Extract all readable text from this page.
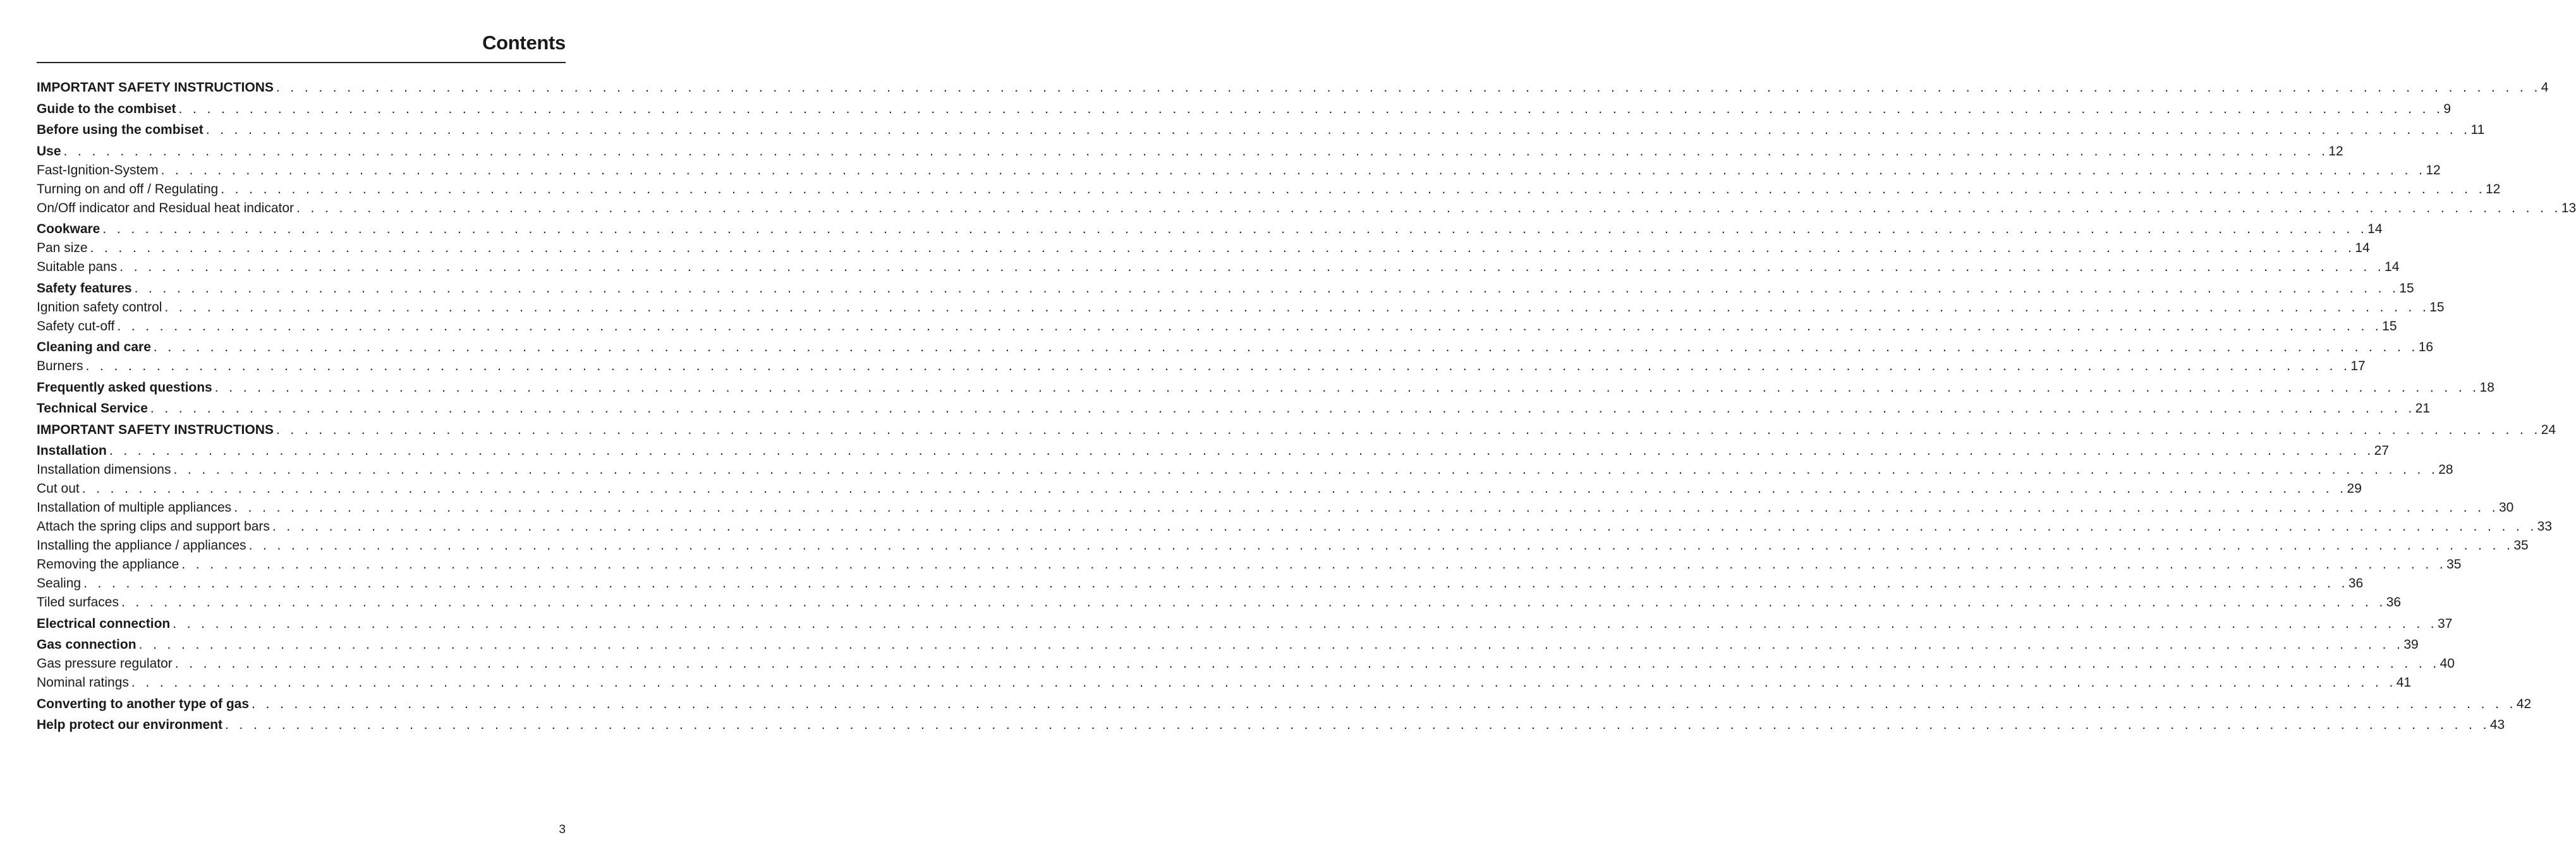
Contents
IMPORTANT SAFETY INSTRUCTIONS . . . . . . . . . . . . . . . . . . . . . . . . . . . . . . . . . . . . . . . . . . . . . . . . . . . . . . . . . . . . . . . . . . . . . . . . . . . . . . . . . . . . . . . . . . . . . . . . . . . . . . . . . . . . . . . . . . . . . . . . . . . . . . . . . . . . . . . . . . . . . . . . . . . . . . . . . . . . . . . . 4
Guide to the combiset . . . . . . . . . . . . . . . . . . . . . . . . . . . . . . . . . . . . . . . . . . . . . . . . . . . . . . . . . . . . . . . . . . . . . . . . . . . . . . . . . . . . . . . . . . . . . . . . . . . . . . . . . . . . . . . . . . . . . . . . . . . . . . . . . . . . . . . . . . . . . . . . . . . . . . . . . . . . . . . . 9
Before using the combiset . . . . . . . . . . . . . . . . . . . . . . . . . . . . . . . . . . . . . . . . . . . . . . . . . . . . . . . . . . . . . . . . . . . . . . . . . . . . . . . . . . . . . . . . . . . . . . . . . . . . . . . . . . . . . . . . . . . . . . . . . . . . . . . . . . . . . . . . . . . . . . . . . . . . . . . . . . . . . . . . 11
Use . . . . . . . . . . . . . . . . . . . . . . . . . . . . . . . . . . . . . . . . . . . . . . . . . . . . . . . . . . . . . . . . . . . . . . . . . . . . . . . . . . . . . . . . . . . . . . . . . . . . . . . . . . . . . . . . . . . . . . . . . . . . . . . . . . . . . . . . . . . . . . . . . . . . . . . . . . . . . . . . 12
Fast-Ignition-System . . . . . . . . . . . . . . . . . . . . . . . . . . . . . . . . . . . . . . . . . . . . . . . . . . . . . . . . . . . . . . . . . . . . . . . . . . . . . . . . . . . . . . . . . . . . . . . . . . . . . . . . . . . . . . . . . . . . . . . . . . . . . . . . . . . . . . . . . . . . . . . . . . . . . . . . . . . . . . . . 12
Turning on and off / Regulating . . . . . . . . . . . . . . . . . . . . . . . . . . . . . . . . . . . . . . . . . . . . . . . . . . . . . . . . . . . . . . . . . . . . . . . . . . . . . . . . . . . . . . . . . . . . . . . . . . . . . . . . . . . . . . . . . . . . . . . . . . . . . . . . . . . . . . . . . . . . . . . . . . . . . . . . . . . . . . . . 12
On/Off indicator and Residual heat indicator . . . . . . . . . . . . . . . . . . . . . . . . . . . . . . . . . . . . . . . . . . . . . . . . . . . . . . . . . . . . . . . . . . . . . . . . . . . . . . . . . . . . . . . . . . . . . . . . . . . . . . . . . . . . . . . . . . . . . . . . . . . . . . . . . . . . . . . . . . . . . . . . . . . . . . . . . . . . . . . . 13
Cookware . . . . . . . . . . . . . . . . . . . . . . . . . . . . . . . . . . . . . . . . . . . . . . . . . . . . . . . . . . . . . . . . . . . . . . . . . . . . . . . . . . . . . . . . . . . . . . . . . . . . . . . . . . . . . . . . . . . . . . . . . . . . . . . . . . . . . . . . . . . . . . . . . . . . . . . . . . . . . . . . 14
Pan size . . . . . . . . . . . . . . . . . . . . . . . . . . . . . . . . . . . . . . . . . . . . . . . . . . . . . . . . . . . . . . . . . . . . . . . . . . . . . . . . . . . . . . . . . . . . . . . . . . . . . . . . . . . . . . . . . . . . . . . . . . . . . . . . . . . . . . . . . . . . . . . . . . . . . . . . . . . . . . . . 14
Suitable pans . . . . . . . . . . . . . . . . . . . . . . . . . . . . . . . . . . . . . . . . . . . . . . . . . . . . . . . . . . . . . . . . . . . . . . . . . . . . . . . . . . . . . . . . . . . . . . . . . . . . . . . . . . . . . . . . . . . . . . . . . . . . . . . . . . . . . . . . . . . . . . . . . . . . . . . . . . . . . . . . 14
Safety features . . . . . . . . . . . . . . . . . . . . . . . . . . . . . . . . . . . . . . . . . . . . . . . . . . . . . . . . . . . . . . . . . . . . . . . . . . . . . . . . . . . . . . . . . . . . . . . . . . . . . . . . . . . . . . . . . . . . . . . . . . . . . . . . . . . . . . . . . . . . . . . . . . . . . . . . . . . . . . . . 15
Ignition safety control . . . . . . . . . . . . . . . . . . . . . . . . . . . . . . . . . . . . . . . . . . . . . . . . . . . . . . . . . . . . . . . . . . . . . . . . . . . . . . . . . . . . . . . . . . . . . . . . . . . . . . . . . . . . . . . . . . . . . . . . . . . . . . . . . . . . . . . . . . . . . . . . . . . . . . . . . . . . . . . . 15
Safety cut-off . . . . . . . . . . . . . . . . . . . . . . . . . . . . . . . . . . . . . . . . . . . . . . . . . . . . . . . . . . . . . . . . . . . . . . . . . . . . . . . . . . . . . . . . . . . . . . . . . . . . . . . . . . . . . . . . . . . . . . . . . . . . . . . . . . . . . . . . . . . . . . . . . . . . . . . . . . . . . . . . 15
Cleaning and care . . . . . . . . . . . . . . . . . . . . . . . . . . . . . . . . . . . . . . . . . . . . . . . . . . . . . . . . . . . . . . . . . . . . . . . . . . . . . . . . . . . . . . . . . . . . . . . . . . . . . . . . . . . . . . . . . . . . . . . . . . . . . . . . . . . . . . . . . . . . . . . . . . . . . . . . . . . . . . . . 16
Burners . . . . . . . . . . . . . . . . . . . . . . . . . . . . . . . . . . . . . . . . . . . . . . . . . . . . . . . . . . . . . . . . . . . . . . . . . . . . . . . . . . . . . . . . . . . . . . . . . . . . . . . . . . . . . . . . . . . . . . . . . . . . . . . . . . . . . . . . . . . . . . . . . . . . . . . . . . . . . . . . 17
Frequently asked questions . . . . . . . . . . . . . . . . . . . . . . . . . . . . . . . . . . . . . . . . . . . . . . . . . . . . . . . . . . . . . . . . . . . . . . . . . . . . . . . . . . . . . . . . . . . . . . . . . . . . . . . . . . . . . . . . . . . . . . . . . . . . . . . . . . . . . . . . . . . . . . . . . . . . . . . . . . . . . . . . 18
Technical Service . . . . . . . . . . . . . . . . . . . . . . . . . . . . . . . . . . . . . . . . . . . . . . . . . . . . . . . . . . . . . . . . . . . . . . . . . . . . . . . . . . . . . . . . . . . . . . . . . . . . . . . . . . . . . . . . . . . . . . . . . . . . . . . . . . . . . . . . . . . . . . . . . . . . . . . . . . . . . . . . 21
IMPORTANT SAFETY INSTRUCTIONS . . . . . . . . . . . . . . . . . . . . . . . . . . . . . . . . . . . . . . . . . . . . . . . . . . . . . . . . . . . . . . . . . . . . . . . . . . . . . . . . . . . . . . . . . . . . . . . . . . . . . . . . . . . . . . . . . . . . . . . . . . . . . . . . . . . . . . . . . . . . . . . . . . . . . . . . . . . . . . . . 24
Installation . . . . . . . . . . . . . . . . . . . . . . . . . . . . . . . . . . . . . . . . . . . . . . . . . . . . . . . . . . . . . . . . . . . . . . . . . . . . . . . . . . . . . . . . . . . . . . . . . . . . . . . . . . . . . . . . . . . . . . . . . . . . . . . . . . . . . . . . . . . . . . . . . . . . . . . . . . . . . . . . 27
Installation dimensions . . . . . . . . . . . . . . . . . . . . . . . . . . . . . . . . . . . . . . . . . . . . . . . . . . . . . . . . . . . . . . . . . . . . . . . . . . . . . . . . . . . . . . . . . . . . . . . . . . . . . . . . . . . . . . . . . . . . . . . . . . . . . . . . . . . . . . . . . . . . . . . . . . . . . . . . . . . . . . . . 28
Cut out . . . . . . . . . . . . . . . . . . . . . . . . . . . . . . . . . . . . . . . . . . . . . . . . . . . . . . . . . . . . . . . . . . . . . . . . . . . . . . . . . . . . . . . . . . . . . . . . . . . . . . . . . . . . . . . . . . . . . . . . . . . . . . . . . . . . . . . . . . . . . . . . . . . . . . . . . . . . . . . . 29
Installation of multiple appliances . . . . . . . . . . . . . . . . . . . . . . . . . . . . . . . . . . . . . . . . . . . . . . . . . . . . . . . . . . . . . . . . . . . . . . . . . . . . . . . . . . . . . . . . . . . . . . . . . . . . . . . . . . . . . . . . . . . . . . . . . . . . . . . . . . . . . . . . . . . . . . . . . . . . . . . . . . . . . . . . 30
Attach the spring clips and support bars . . . . . . . . . . . . . . . . . . . . . . . . . . . . . . . . . . . . . . . . . . . . . . . . . . . . . . . . . . . . . . . . . . . . . . . . . . . . . . . . . . . . . . . . . . . . . . . . . . . . . . . . . . . . . . . . . . . . . . . . . . . . . . . . . . . . . . . . . . . . . . . . . . . . . . . . . . . . . . . . 33
Installing the appliance / appliances . . . . . . . . . . . . . . . . . . . . . . . . . . . . . . . . . . . . . . . . . . . . . . . . . . . . . . . . . . . . . . . . . . . . . . . . . . . . . . . . . . . . . . . . . . . . . . . . . . . . . . . . . . . . . . . . . . . . . . . . . . . . . . . . . . . . . . . . . . . . . . . . . . . . . . . . . . . . . . . . 35
Removing the appliance . . . . . . . . . . . . . . . . . . . . . . . . . . . . . . . . . . . . . . . . . . . . . . . . . . . . . . . . . . . . . . . . . . . . . . . . . . . . . . . . . . . . . . . . . . . . . . . . . . . . . . . . . . . . . . . . . . . . . . . . . . . . . . . . . . . . . . . . . . . . . . . . . . . . . . . . . . . . . . . . 35
Sealing . . . . . . . . . . . . . . . . . . . . . . . . . . . . . . . . . . . . . . . . . . . . . . . . . . . . . . . . . . . . . . . . . . . . . . . . . . . . . . . . . . . . . . . . . . . . . . . . . . . . . . . . . . . . . . . . . . . . . . . . . . . . . . . . . . . . . . . . . . . . . . . . . . . . . . . . . . . . . . . . 36
Tiled surfaces . . . . . . . . . . . . . . . . . . . . . . . . . . . . . . . . . . . . . . . . . . . . . . . . . . . . . . . . . . . . . . . . . . . . . . . . . . . . . . . . . . . . . . . . . . . . . . . . . . . . . . . . . . . . . . . . . . . . . . . . . . . . . . . . . . . . . . . . . . . . . . . . . . . . . . . . . . . . . . . . 36
Electrical connection . . . . . . . . . . . . . . . . . . . . . . . . . . . . . . . . . . . . . . . . . . . . . . . . . . . . . . . . . . . . . . . . . . . . . . . . . . . . . . . . . . . . . . . . . . . . . . . . . . . . . . . . . . . . . . . . . . . . . . . . . . . . . . . . . . . . . . . . . . . . . . . . . . . . . . . . . . . . . . . . 37
Gas connection . . . . . . . . . . . . . . . . . . . . . . . . . . . . . . . . . . . . . . . . . . . . . . . . . . . . . . . . . . . . . . . . . . . . . . . . . . . . . . . . . . . . . . . . . . . . . . . . . . . . . . . . . . . . . . . . . . . . . . . . . . . . . . . . . . . . . . . . . . . . . . . . . . . . . . . . . . . . . . . . 39
Gas pressure regulator . . . . . . . . . . . . . . . . . . . . . . . . . . . . . . . . . . . . . . . . . . . . . . . . . . . . . . . . . . . . . . . . . . . . . . . . . . . . . . . . . . . . . . . . . . . . . . . . . . . . . . . . . . . . . . . . . . . . . . . . . . . . . . . . . . . . . . . . . . . . . . . . . . . . . . . . . . . . . . . . 40
Nominal ratings . . . . . . . . . . . . . . . . . . . . . . . . . . . . . . . . . . . . . . . . . . . . . . . . . . . . . . . . . . . . . . . . . . . . . . . . . . . . . . . . . . . . . . . . . . . . . . . . . . . . . . . . . . . . . . . . . . . . . . . . . . . . . . . . . . . . . . . . . . . . . . . . . . . . . . . . . . . . . . . . 41
Converting to another type of gas . . . . . . . . . . . . . . . . . . . . . . . . . . . . . . . . . . . . . . . . . . . . . . . . . . . . . . . . . . . . . . . . . . . . . . . . . . . . . . . . . . . . . . . . . . . . . . . . . . . . . . . . . . . . . . . . . . . . . . . . . . . . . . . . . . . . . . . . . . . . . . . . . . . . . . . . . . . . . . . . 42
Help protect our environment . . . . . . . . . . . . . . . . . . . . . . . . . . . . . . . . . . . . . . . . . . . . . . . . . . . . . . . . . . . . . . . . . . . . . . . . . . . . . . . . . . . . . . . . . . . . . . . . . . . . . . . . . . . . . . . . . . . . . . . . . . . . . . . . . . . . . . . . . . . . . . . . . . . . . . . . . . . . . . . . 43
3
